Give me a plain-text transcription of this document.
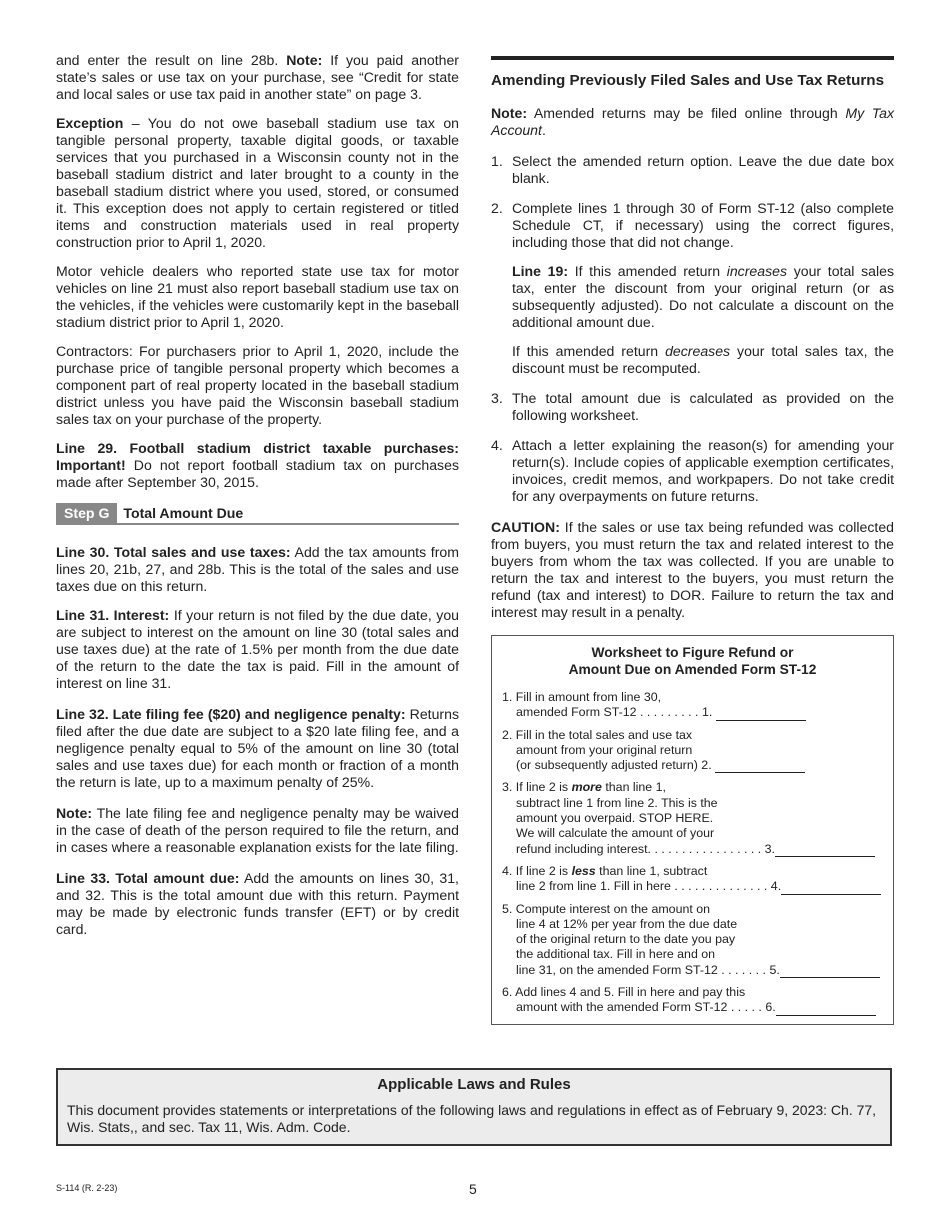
and enter the result on line 28b. Note: If you paid another state’s sales or use tax on your purchase, see “Credit for state and local sales or use tax paid in another state” on page 3.

Exception – You do not owe baseball stadium use tax on tangible personal property, taxable digital goods, or taxable services that you purchased in a Wisconsin county not in the baseball stadium district and later brought to a county in the baseball stadium district where you used, stored, or consumed it. This exception does not apply to certain registered or titled items and construction materials used in real property construction prior to April 1, 2020.

Motor vehicle dealers who reported state use tax for motor vehicles on line 21 must also report baseball stadium use tax on the vehicles, if the vehicles were customarily kept in the baseball stadium district prior to April 1, 2020.

Contractors: For purchasers prior to April 1, 2020, include the purchase price of tangible personal property which becomes a component part of real property located in the baseball stadium district unless you have paid the Wisconsin baseball stadium sales tax on your purchase of the property.

Line 29. Football stadium district taxable purchases: Important! Do not report football stadium tax on purchases made after September 30, 2015.

Step G Total Amount Due

Line 30. Total sales and use taxes: Add the tax amounts from lines 20, 21b, 27, and 28b. This is the total of the sales and use taxes due on this return.

Line 31. Interest: If your return is not filed by the due date, you are subject to interest on the amount on line 30 (total sales and use taxes due) at the rate of 1.5% per month from the due date of the return to the date the tax is paid. Fill in the amount of interest on line 31.

Line 32. Late filing fee ($20) and negligence penalty: Returns filed after the due date are subject to a $20 late filing fee, and a negligence penalty equal to 5% of the amount on line 30 (total sales and use taxes due) for each month or fraction of a month the return is late, up to a maximum penalty of 25%.

Note: The late filing fee and negligence penalty may be waived in the case of death of the person required to file the return, and in cases where a reasonable explanation exists for the late filing.

Line 33. Total amount due: Add the amounts on lines 30, 31, and 32. This is the total amount due with this return. Payment may be made by electronic funds transfer (EFT) or by credit card.

Amending Previously Filed Sales and Use Tax Returns

Note: Amended returns may be filed online through My Tax Account.

1. Select the amended return option. Leave the due date box blank.
2. Complete lines 1 through 30 of Form ST-12 (also complete Schedule CT, if necessary) using the correct figures, including those that did not change.
Line 19: If this amended return increases your total sales tax, enter the discount from your original return (or as subsequently adjusted). Do not calculate a discount on the additional amount due.
If this amended return decreases your total sales tax, the discount must be recomputed.
3. The total amount due is calculated as provided on the following worksheet.
4. Attach a letter explaining the reason(s) for amending your return(s). Include copies of applicable exemption certificates, invoices, credit memos, and workpapers. Do not take credit for any overpayments on future returns.

CAUTION: If the sales or use tax being refunded was collected from buyers, you must return the tax and related interest to the buyers from whom the tax was collected. If you are unable to return the tax and interest to the buyers, you must return the refund (tax and interest) to DOR. Failure to return the tax and interest may result in a penalty.

Worksheet to Figure Refund or
Amount Due on Amended Form ST-12
1. Fill in amount from line 30,
amended Form ST-12 . . . . . . . . . 1.
2. Fill in the total sales and use tax
amount from your original return
(or subsequently adjusted return) 2.
3. If line 2 is more than line 1,
subtract line 1 from line 2. This is the
amount you overpaid. STOP HERE.
We will calculate the amount of your
refund including interest. . . . . . . . . . . . . . . . . 3.
4. If line 2 is less than line 1, subtract
line 2 from line 1. Fill in here . . . . . . . . . . . . . . 4.
5. Compute interest on the amount on
line 4 at 12% per year from the due date
of the original return to the date you pay
the additional tax. Fill in here and on
line 31, on the amended Form ST-12 . . . . . . . 5.
6. Add lines 4 and 5. Fill in here and pay this
amount with the amended Form ST-12 . . . . . 6.
Applicable Laws and Rules
This document provides statements or interpretations of the following laws and regulations in effect as of February 9, 2023: Ch. 77, Wis. Stats,, and sec. Tax 11, Wis. Adm. Code.
S-114 (R. 2-23)	5
